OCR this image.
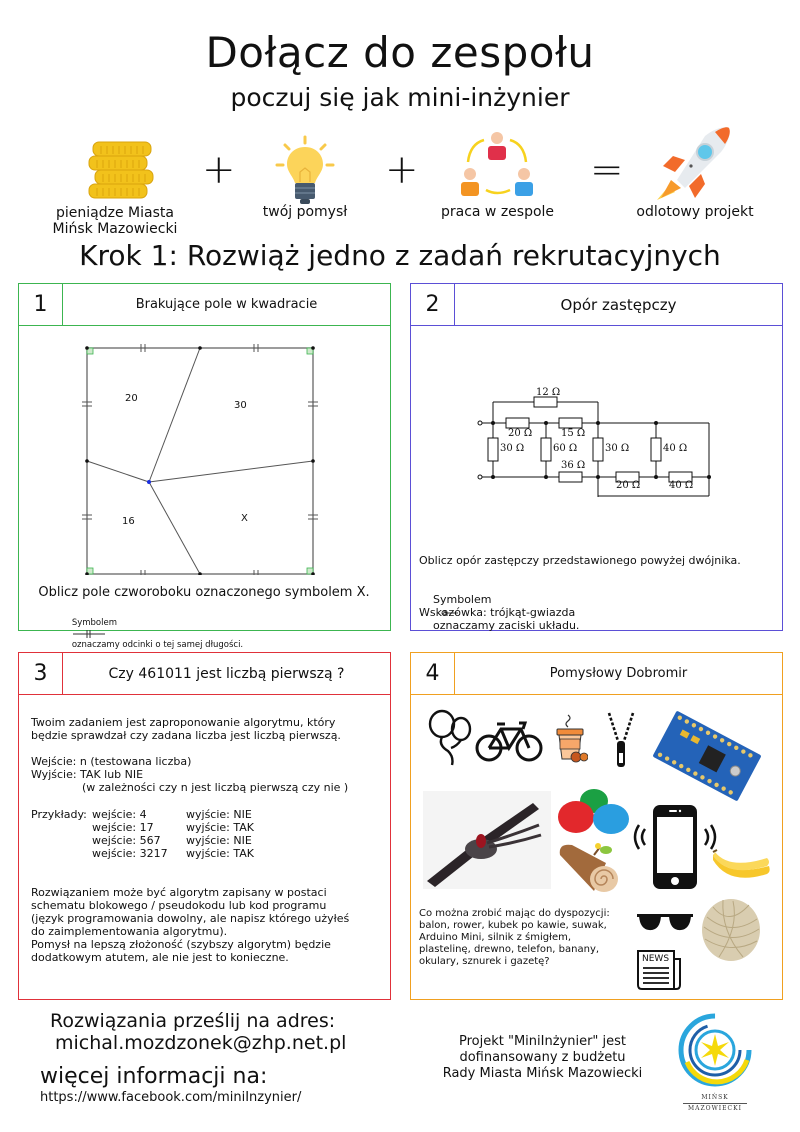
Dołącz do zespołu
poczuj się jak mini-inżynier
pieniądze Miasta
Mińsk Mazowiecki
+
twój pomysł
+
praca w zespole
=
odlotowy projekt
Krok 1: Rozwiąż jedno z zadań rekrutacyjnych
1	Brakujące pole w kwadracie
20
30
16	X
Oblicz pole czworoboku oznaczonego symbolem X.

Symbolem

oznaczamy odcinki o tej samej długości.

2	Opór zastępczy
12 Ω
20 Ω	15 Ω
30 Ω	60 Ω	30 Ω	40 Ω
36 Ω
20 Ω	40 Ω
Oblicz opór zastępczy przedstawionego powyżej dwójnika.

Symbolem

oznaczamy zaciski układu.

Wskazówka: trójkąt-gwiazda
3	Czy 461011 jest liczbą pierwszą ?
Twoim zadaniem jest zaproponowanie algorytmu, który
będzie sprawdzał czy zadana liczba jest liczbą pierwszą.
Wejście: n (testowana liczba)
Wyjście: TAK lub NIE
(w zależności czy n jest liczbą pierwszą czy nie )
Przykłady: wejście: 4	wyjście: NIE
wejście: 17	wyjście: TAK
wejście: 567 wyjście: NIE
wejście: 3217 wyjście: TAK
Rozwiązaniem może być algorytm zapisany w postaci
schematu blokowego / pseudokodu lub kod programu
(język programowania dowolny, ale napisz którego użyłeś
do zaimplementowania algorytmu).
Pomysł na lepszą złożoność (szybszy algorytm) będzie
dodatkowym atutem, ale nie jest to konieczne.
4	Pomysłowy Dobromir
Co można zrobić mając do dyspozycji:
balon, rower, kubek po kawie, suwak,
Arduino Mini, silnik z śmigłem,
plastelinę, drewno, telefon, banany,
okulary, sznurek i gazetę?	NEWS
Rozwiązania prześlij na adres:
michal.mozdzonek@zhp.net.pl
więcej informacji na:
https://www.facebook.com/miniInzynier/
Projekt "MiniInżynier" jest
dofinansowany z budżetu
Rady Miasta Mińsk Mazowiecki
MIŃSK
MAZOWIECKI
